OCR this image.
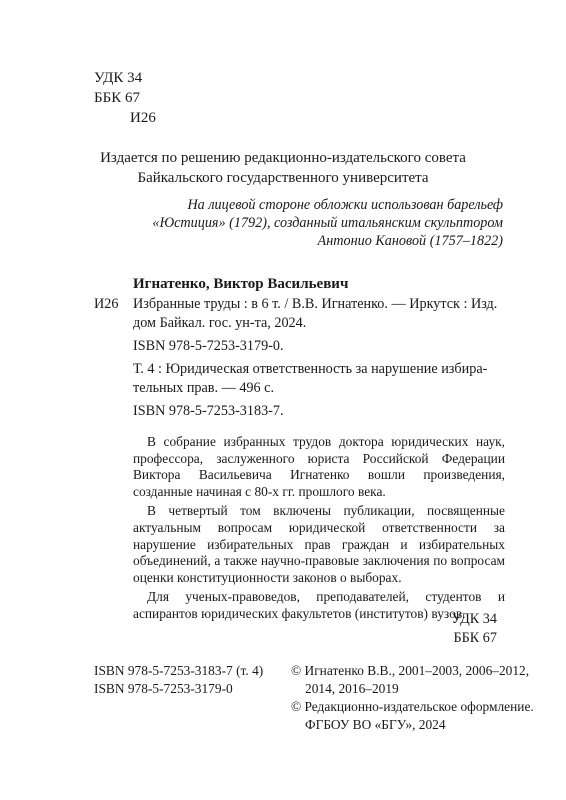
УДК 34
ББК 67
И26
Издается по решению редакционно-издательского совета
Байкальского государственного университета
На лицевой стороне обложки использован барельеф
«Юстиция» (1792), созданный итальянским скульптором
Антонио Кановой (1757–1822)
Игнатенко, Виктор Васильевич
И26 Избранные труды : в 6 т. / В.В. Игнатенко. — Иркутск : Изд.
дом Байкал. гос. ун-та, 2024.
ISBN 978-5-7253-3179-0.
Т. 4 : Юридическая ответственность за нарушение избира-
тельных прав. — 496 с.
ISBN 978-5-7253-3183-7.

В собрание избранных трудов доктора юридических наук, профессора, заслуженного юриста Российской Федерации Виктора Васильевича Игнатенко вошли произведения, созданные начиная с 80-х гг. прошлого века.

В четвертый том включены публикации, посвященные актуальным вопросам юридической ответственности за нарушение избирательных прав граждан и избирательных объединений, а также научно-правовые заключения по вопросам оценки конституционности законов о выборах.

Для ученых-правоведов, преподавателей, студентов и аспирантов юридических факультетов (институтов) вузов.

УДК 34
ББК 67
ISBN 978-5-7253-3183-7 (т. 4)
ISBN 978-5-7253-3179-0
© Игнатенко В.В., 2001–2003, 2006–2012,
2014, 2016–2019
© Редакционно-издательское оформление.
ФГБОУ ВО «БГУ», 2024
